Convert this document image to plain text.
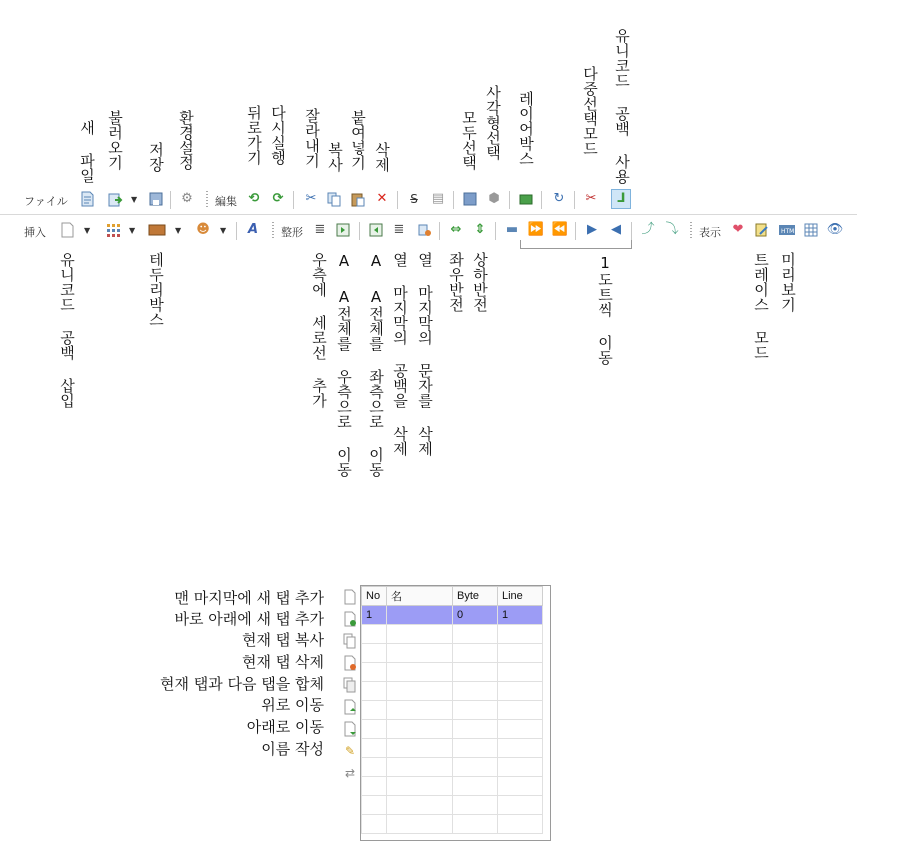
새 파일 불러오기 저장 환경설정	뒤로가기 다시실행 잘라내기 복사 붙여넣기 삭제	모두선택 사각형선택 레이어박스	다중선택모드 유니코드 공백 사용
ファイル	▼	⚙ 編集 ⟲ ⟳ ✂	✕	S	▤	⬢	↻ ✂	⅃
挿入	▼	▼	▼ ☻ ▼	A	整形 ≣	≣	⇔ ⇕ ▬ ⏩ ⏪	▶	◀	⤴ ⤵ 表示 ❤	HTML 👁
유니코드 공백 삽입	테두리박스	우측에 세로선 추가 A A전체를 우측으로 이동 A A전체를 좌측으로 이동 열 마지막의 공백을 삭제 열 마지막의 문자를 삭제 좌우반전 상하반전	1도트씩 이동	트레이스 모드 미리보기
맨 마지막에 새 탭 추가
바로 아래에 새 탭 추가
현재 탭 복사
현재 탭 삭제
현재 탭과 다음 탭을 합체
위로 이동
아래로 이동
이름 작성 ✎
⇄
No	名	Byte	Line
1		0	1
